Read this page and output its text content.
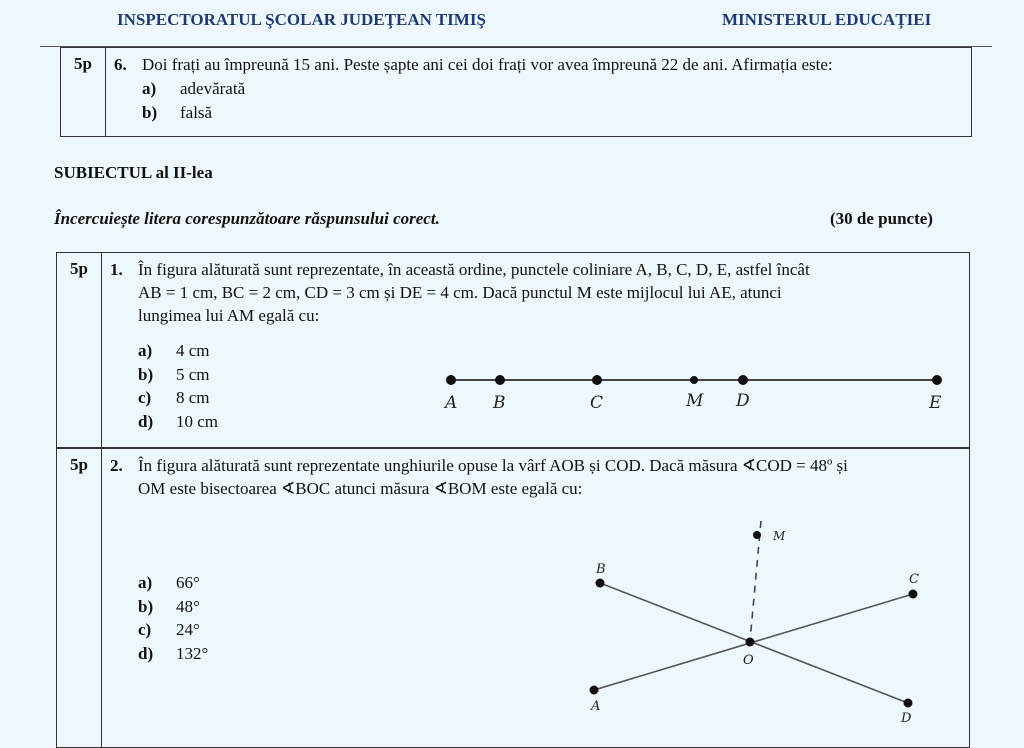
INSPECTORATUL ŞCOLAR JUDEŢEAN TIMIŞ	MINISTERUL EDUCAȚIEI
5p	6. Doi frați au împreună 15 ani. Peste șapte ani cei doi frați vor avea împreună 22 de ani. Afirmația este:
a) adevărată
b) falsă
SUBIECTUL al II-lea
Încercuiește litera corespunzătoare răspunsului corect.	(30 de puncte)
5p	1. În figura alăturată sunt reprezentate, în această ordine, punctele coliniare A, B, C, D, E, astfel încât
AB = 1 cm, BC = 2 cm, CD = 3 cm și DE = 4 cm. Dacă punctul M este mijlocul lui AE, atunci
lungimea lui AM egală cu:
a) 4 cm
b) 5 cm
c) 8 cm
d) 10 cm
5p	2. În figura alăturată sunt reprezentate unghiurile opuse la vârf AOB și COD. Dacă măsura ∢COD = 48º și
OM este bisectoarea ∢BOC atunci măsura ∢BOM este egală cu:
a) 66°
b) 48°
c) 24°
d) 132°
A B	C	M D	E
M
B
C
O
A
D
